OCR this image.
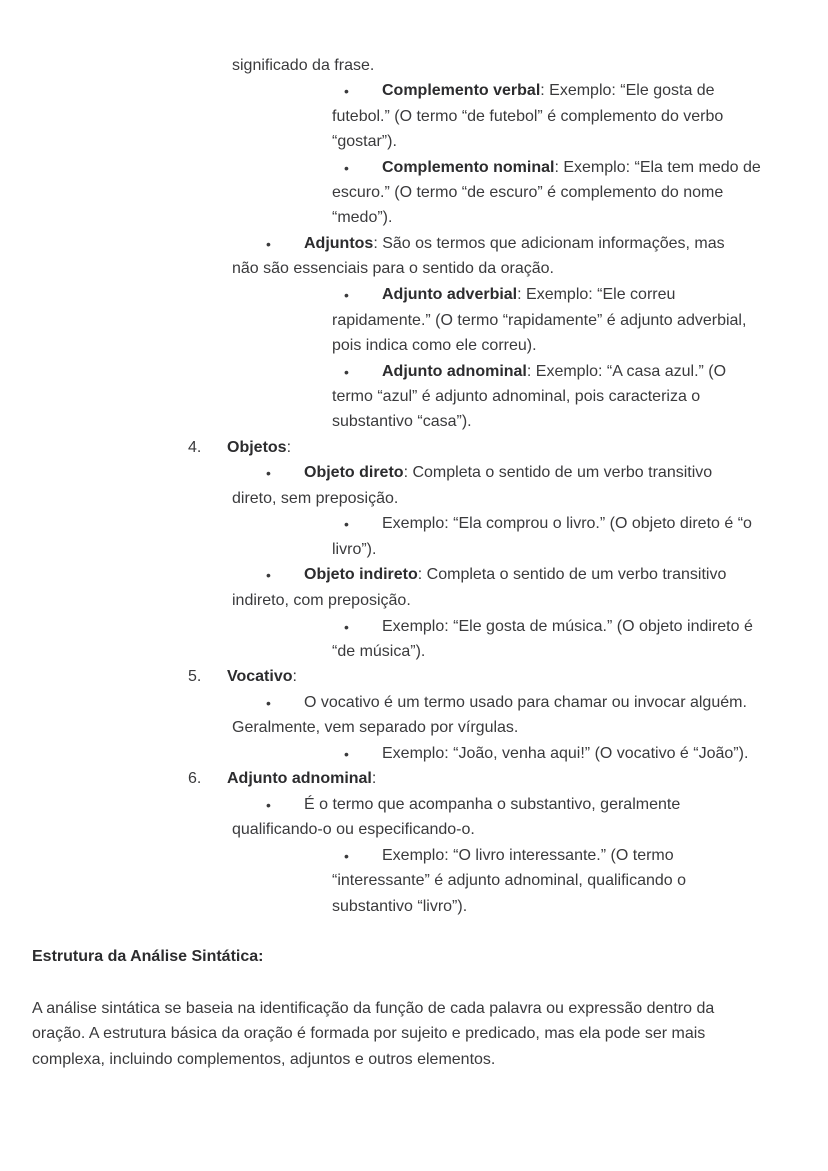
significado da frase.
• Complemento verbal: Exemplo: “Ele gosta de
futebol.” (O termo “de futebol” é complemento do verbo
“gostar”).
• Complemento nominal: Exemplo: “Ela tem medo de
escuro.” (O termo “de escuro” é complemento do nome
“medo”).
• Adjuntos: São os termos que adicionam informações, mas
não são essenciais para o sentido da oração.
• Adjunto adverbial: Exemplo: “Ele correu
rapidamente.” (O termo “rapidamente” é adjunto adverbial,
pois indica como ele correu).
• Adjunto adnominal: Exemplo: “A casa azul.” (O
termo “azul” é adjunto adnominal, pois caracteriza o
substantivo “casa”).
4. Objetos:
• Objeto direto: Completa o sentido de um verbo transitivo
direto, sem preposição.
• Exemplo: “Ela comprou o livro.” (O objeto direto é “o
livro”).
• Objeto indireto: Completa o sentido de um verbo transitivo
indireto, com preposição.
• Exemplo: “Ele gosta de música.” (O objeto indireto é
“de música”).
5. Vocativo:
• O vocativo é um termo usado para chamar ou invocar alguém.
Geralmente, vem separado por vírgulas.
• Exemplo: “João, venha aqui!” (O vocativo é “João”).
6. Adjunto adnominal:
• É o termo que acompanha o substantivo, geralmente
qualificando-o ou especificando-o.
• Exemplo: “O livro interessante.” (O termo
“interessante” é adjunto adnominal, qualificando o
substantivo “livro”).
Estrutura da Análise Sintática:
A análise sintática se baseia na identificação da função de cada palavra ou expressão dentro da
oração. A estrutura básica da oração é formada por sujeito e predicado, mas ela pode ser mais
complexa, incluindo complementos, adjuntos e outros elementos.
